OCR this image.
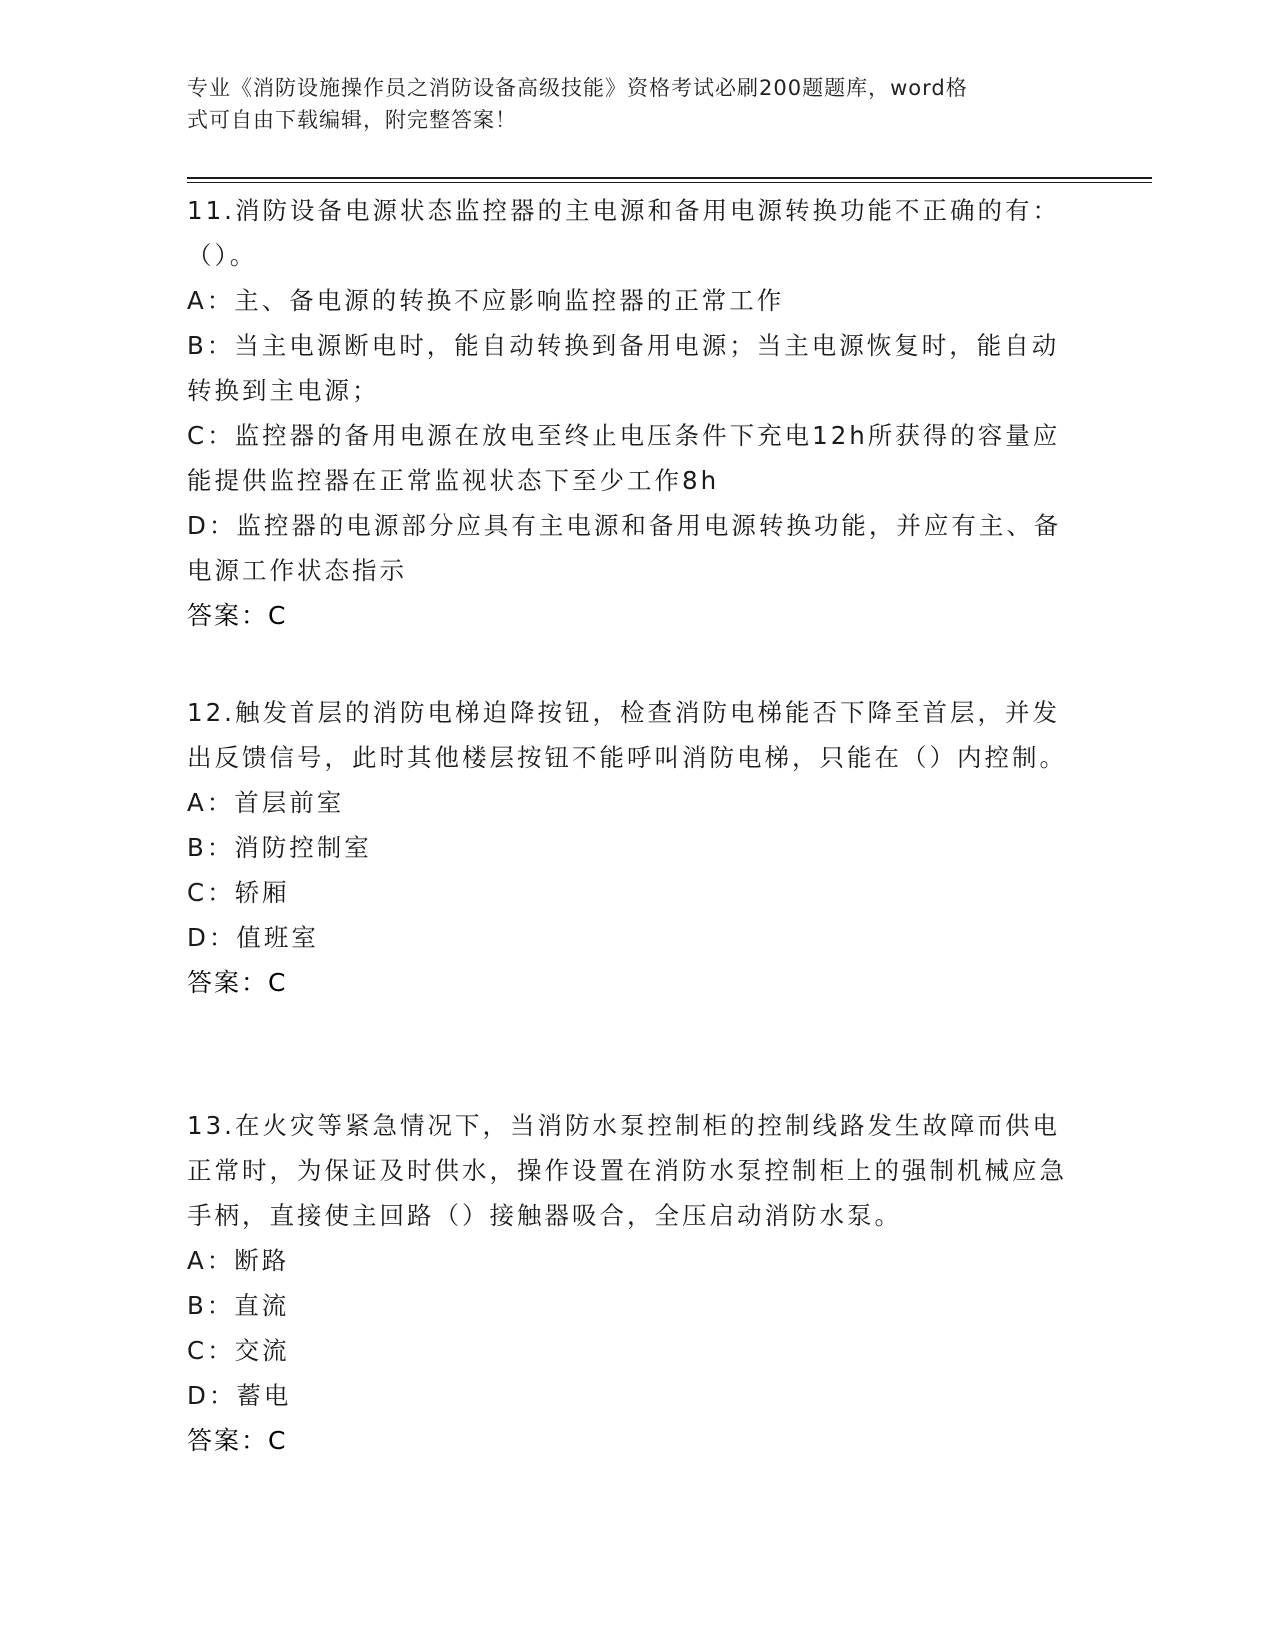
专业《消防设施操作员之消防设备高级技能》资格考试必刷200题题库，word格
式可自由下载编辑，附完整答案！

11.消防设备电源状态监控器的主电源和备用电源转换功能不正确的有：（）。

A：主、备电源的转换不应影响监控器的正常工作

B：当主电源断电时，能自动转换到备用电源；当主电源恢复时，能自动转换到主电源；

C：监控器的备用电源在放电至终止电压条件下充电12h所获得的容量应能提供监控器在正常监视状态下至少工作8h

D：监控器的电源部分应具有主电源和备用电源转换功能，并应有主、备电源工作状态指示

答案：C

12.触发首层的消防电梯迫降按钮，检查消防电梯能否下降至首层，并发出反馈信号，此时其他楼层按钮不能呼叫消防电梯，只能在（）内控制。

A：首层前室

B：消防控制室

C：轿厢

D：值班室

答案：C

13.在火灾等紧急情况下，当消防水泵控制柜的控制线路发生故障而供电正常时，为保证及时供水，操作设置在消防水泵控制柜上的强制机械应急手柄，直接使主回路（）接触器吸合，全压启动消防水泵。

A：断路

B：直流

C：交流

D：蓄电

答案：C
